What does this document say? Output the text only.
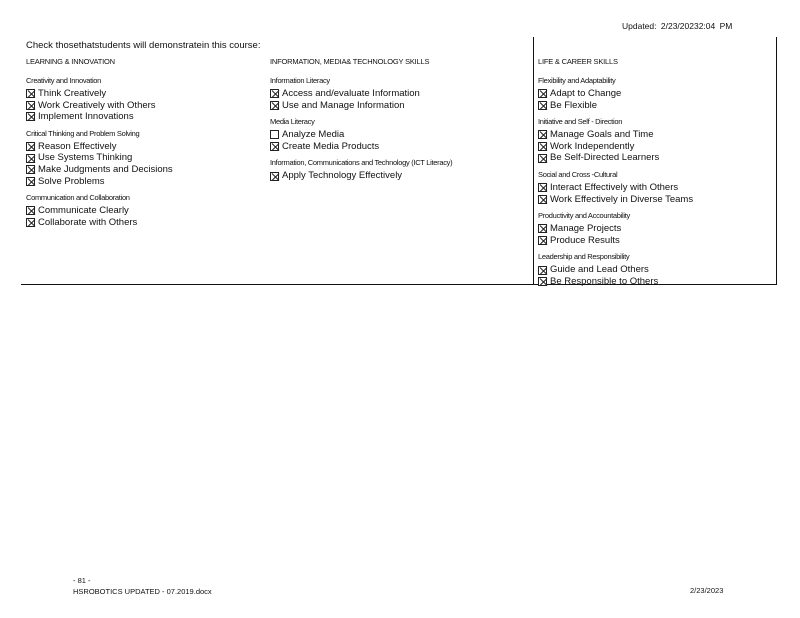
Updated: 2/23/20232:04 PM
Check thosethatstudents will demonstratein this course:
LEARNING & INNOVATION
Creativity and Innovation
Think Creatively
Work Creatively with Others
Implement Innovations
Critical Thinking and Problem Solving
Reason Effectively
Use Systems Thinking
Make Judgments and Decisions
Solve Problems
Communication and Collaboration
Communicate Clearly
Collaborate with Others
INFORMATION, MEDIA& TECHNOLOGY SKILLS
Information Literacy
Access and/evaluate Information
Use and Manage Information
Media Literacy
Analyze Media
Create Media Products
Information, Communications and Technology (ICT Literacy)
Apply Technology Effectively
LIFE & CAREER SKILLS
Flexibility and Adaptability
Adapt to Change
Be Flexible
Initiative and Self - Direction
Manage Goals and Time
Work Independently
Be Self-Directed Learners
Social and Cross -Cultural
Interact Effectively with Others
Work Effectively in Diverse Teams
Productivity and Accountability
Manage Projects
Produce Results
Leadership and Responsibility
Guide and Lead Others
Be Responsible to Others
- 81 -
HSROBOTICS UPDATED - 07.2019.docx	2/23/2023
